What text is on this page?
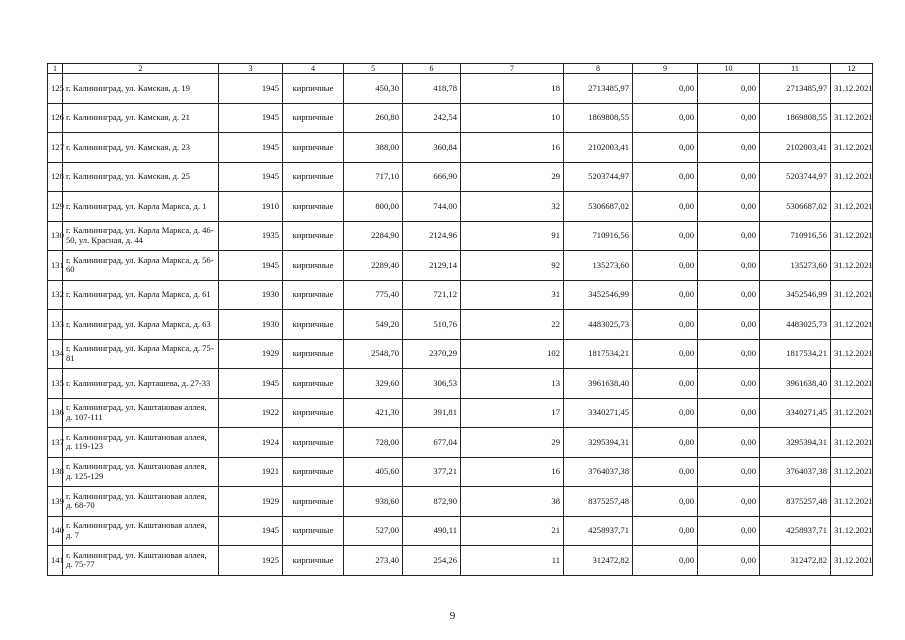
1	2	3	4	5	6	7	8	9	10	11	12
125	г. Калининград, ул. Камская, д. 19	1945	кирпичные	450,30	418,78	18	2713485,97	0,00	0,00	2713485,97	31.12.2021
126	г. Калининград, ул. Камская, д. 21	1945	кирпичные	260,80	242,54	10	1869808,55	0,00	0,00	1869808,55	31.12.2021
127	г. Калининград, ул. Камская, д. 23	1945	кирпичные	388,00	360,84	16	2102003,41	0,00	0,00	2102003,41	31.12.2021
128	г. Калининград, ул. Камская, д. 25	1945	кирпичные	717,10	666,90	29	5203744,97	0,00	0,00	5203744,97	31.12.2021
129	г. Калининград, ул. Карла Маркса, д. 1	1910	кирпичные	800,00	744,00	32	5306687,02	0,00	0,00	5306687,02	31.12.2021
130	г. Калининград, ул. Карла Маркса, д. 46-50, ул. Красная, д. 44	1935	кирпичные	2284,90	2124,96	91	710916,56	0,00	0,00	710916,56	31.12.2021
131	г. Калининград, ул. Карла Маркса, д. 56-60	1945	кирпичные	2289,40	2129,14	92	135273,60	0,00	0,00	135273,60	31.12.2021
132	г. Калининград, ул. Карла Маркса, д. 61	1930	кирпичные	775,40	721,12	31	3452546,99	0,00	0,00	3452546,99	31.12.2021
133	г. Калининград, ул. Карла Маркса, д. 63	1930	кирпичные	549,20	510,76	22	4483025,73	0,00	0,00	4483025,73	31.12.2021
134	г. Калининград, ул. Карла Маркса, д. 75-81	1929	кирпичные	2548,70	2370,29	102	1817534,21	0,00	0,00	1817534,21	31.12.2021
135	г. Калининград, ул. Карташева, д. 27-33	1945	кирпичные	329,60	306,53	13	3961638,40	0,00	0,00	3961638,40	31.12.2021
136	г. Калининград, ул. Каштановая аллея, д. 107-111	1922	кирпичные	421,30	391,81	17	3340271,45	0,00	0,00	3340271,45	31.12.2021
137	г. Калининград, ул. Каштановая аллея, д. 119-123	1924	кирпичные	728,00	677,04	29	3295394,31	0,00	0,00	3295394,31	31.12.2021
138	г. Калининград, ул. Каштановая аллея, д. 125-129	1921	кирпичные	405,60	377,21	16	3764037,38	0,00	0,00	3764037,38	31.12.2021
139	г. Калининград, ул. Каштановая аллея, д. 68-70	1929	кирпичные	938,60	872,90	38	8375257,48	0,00	0,00	8375257,48	31.12.2021
140	г. Калининград, ул. Каштановая аллея, д. 7	1945	кирпичные	527,00	490,11	21	4258937,71	0,00	0,00	4258937,71	31.12.2021
141	г. Калининград, ул. Каштановая аллея, д. 75-77	1925	кирпичные	273,40	254,26	11	312472,82	0,00	0,00	312472,82	31.12.2021
9
